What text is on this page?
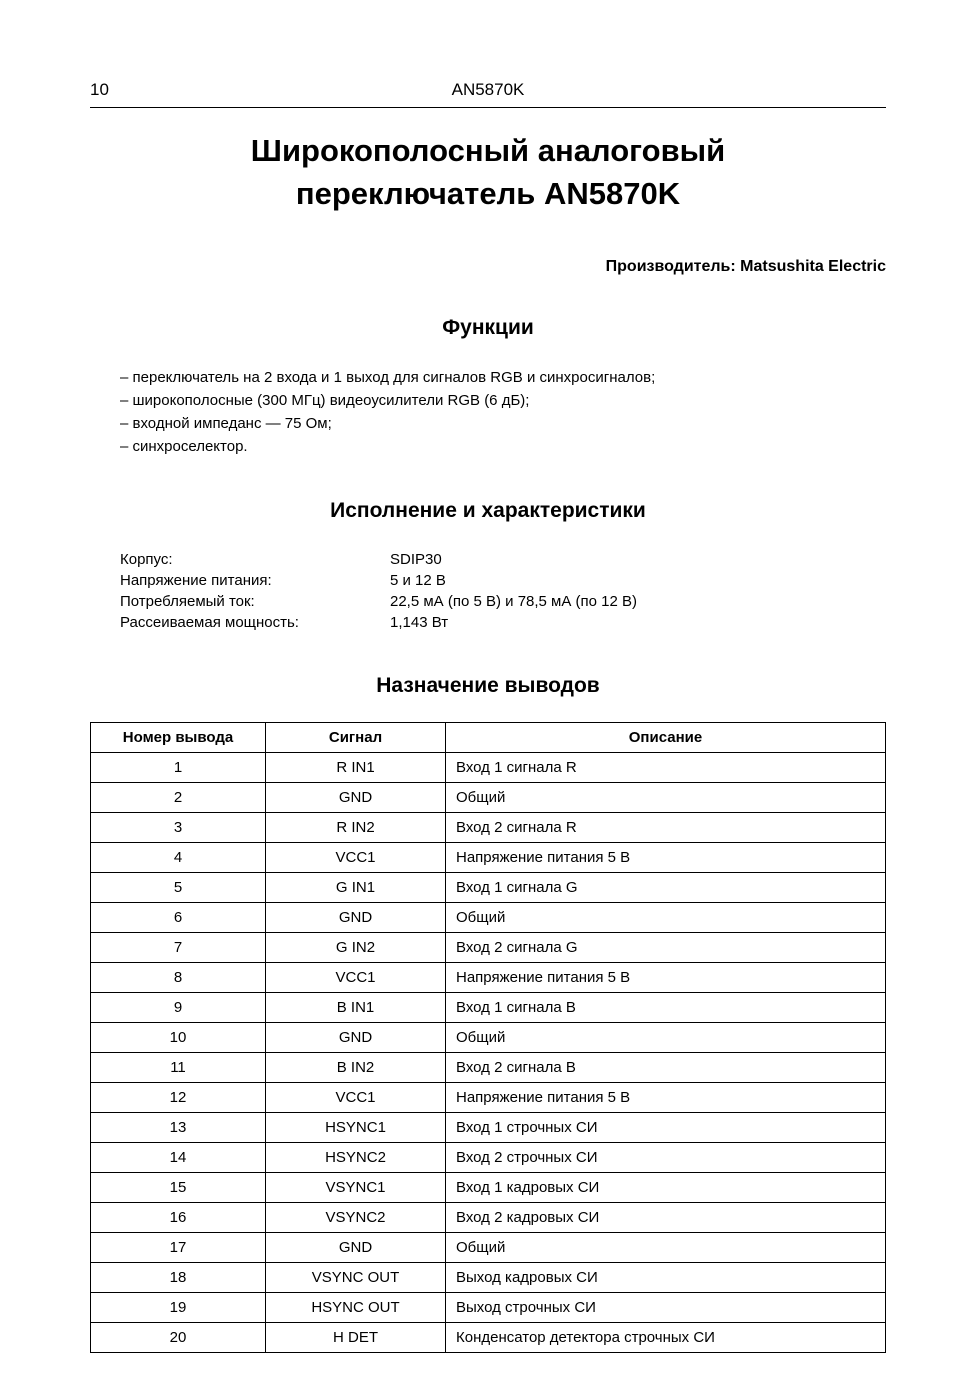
10	AN5870K
Широкополосный аналоговый
переключатель AN5870K

Производитель: Matsushita Electric

Функции
– переключатель на 2 входа и 1 выход для сигналов RGB и синхросигналов;
– широкополосные (300 МГц) видеоусилители RGB (6 дБ);
– входной импеданс — 75 Ом;
– синхроселектор.
Исполнение и характеристики
Корпус:	SDIP30
Напряжение питания:	5 и 12 В
Потребляемый ток:	22,5 мА (по 5 В) и 78,5 мА (по 12 В)
Рассеиваемая мощность:	1,143 Вт
Назначение выводов
Номер вывода	Сигнал	Описание
1	R IN1	Вход 1 сигнала R
2	GND	Общий
3	R IN2	Вход 2 сигнала R
4	VCC1	Напряжение питания 5 В
5	G IN1	Вход 1 сигнала G
6	GND	Общий
7	G IN2	Вход 2 сигнала G
8	VCC1	Напряжение питания 5 В
9	B IN1	Вход 1 сигнала B
10	GND	Общий
11	B IN2	Вход 2 сигнала B
12	VCC1	Напряжение питания 5 В
13	HSYNC1	Вход 1 строчных СИ
14	HSYNC2	Вход 2 строчных СИ
15	VSYNC1	Вход 1 кадровых СИ
16	VSYNC2	Вход 2 кадровых СИ
17	GND	Общий
18	VSYNC OUT	Выход кадровых СИ
19	HSYNC OUT	Выход строчных СИ
20	H DET	Конденсатор детектора строчных СИ
